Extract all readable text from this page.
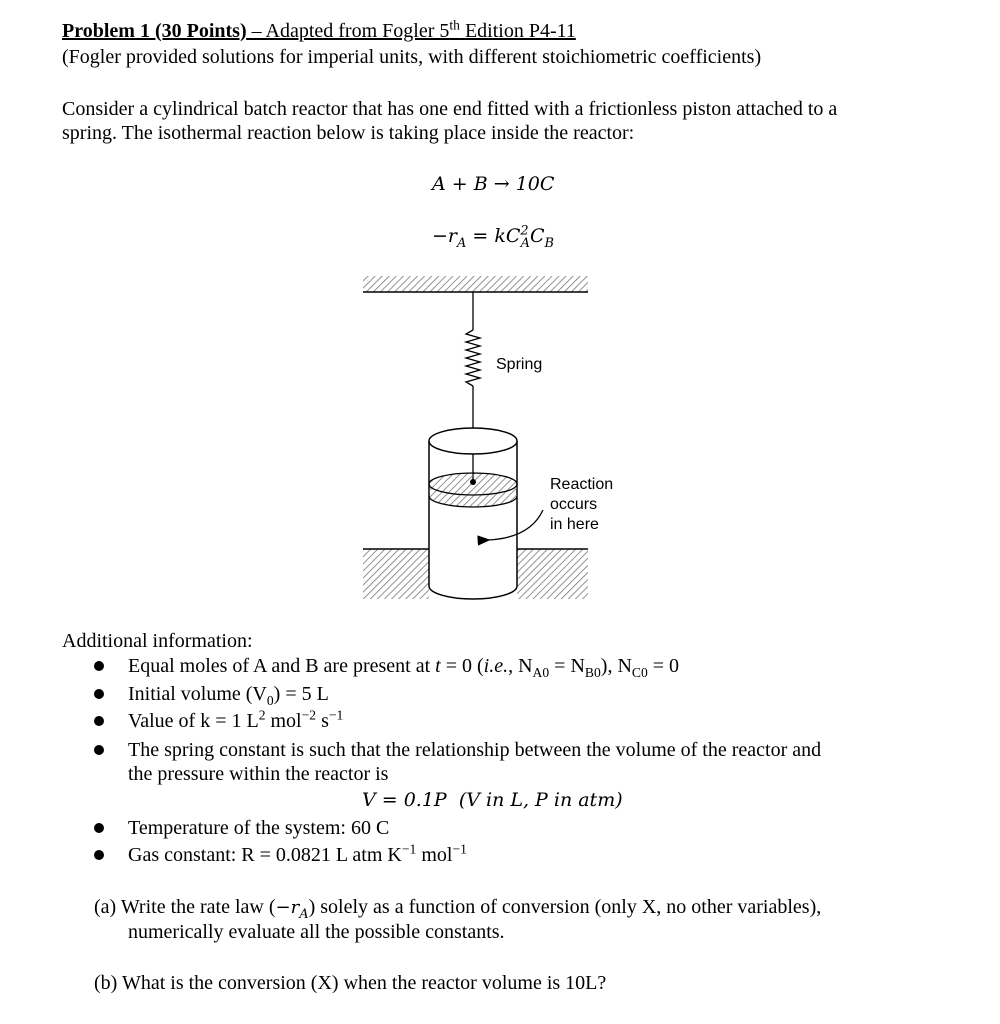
Problem 1 (30 Points) – Adapted from Fogler 5th Edition P4-11
(Fogler provided solutions for imperial units, with different stoichiometric coefficients)
Consider a cylindrical batch reactor that has one end fitted with a frictionless piston attached to a
spring. The isothermal reaction below is taking place inside the reactor:
A + B → 10C
$-r_A = kC^2_AC_B$
Spring
Reaction
occurs
in here
Additional information:
Equal moles of A and B are present at t = 0 (i.e., $N_{A0} = N_{B0}$), $N_{C0} = 0$
Initial volume $(V_0) = 5$ L
Value of k = 1 $L^2$ mol$^{-2}$ $s^{-1}$
The spring constant is such that the relationship between the volume of the reactor and
the pressure within the reactor is
V = 0.1P (V in L, P in atm)
Temperature of the system: 60 C
Gas constant: R = 0.0821 L atm $K^{-1}$ mol$^{-1}$
(a) Write the rate law $(-r_A)$ solely as a function of conversion (only X, no other variables),
numerically evaluate all the possible constants.
(b) What is the conversion (X) when the reactor volume is 10L?
